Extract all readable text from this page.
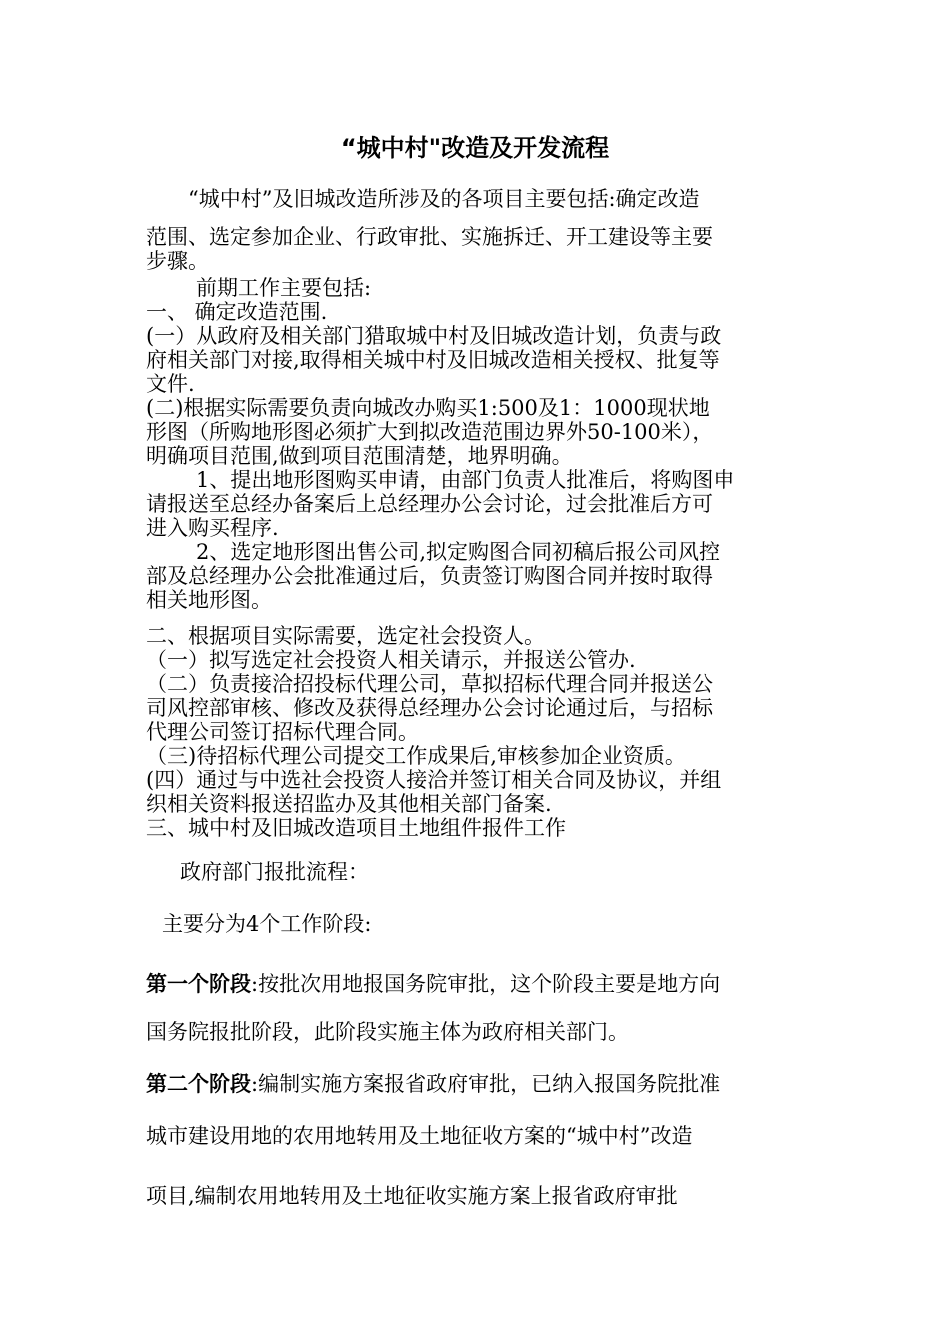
“城中村"改造及开发流程
“城中村”及旧城改造所涉及的各项目主要包括:确定改造
范围、选定参加企业、行政审批、实施拆迁、开工建设等主要
步骤。
前期工作主要包括:
一、 确定改造范围.
(一）从政府及相关部门猎取城中村及旧城改造计划，负责与政
府相关部门对接,取得相关城中村及旧城改造相关授权、批复等
文件.
(二)根据实际需要负责向城改办购买1:500及1：1000现状地
形图（所购地形图必须扩大到拟改造范围边界外50-100米），
明确项目范围,做到项目范围清楚，地界明确。
1、提出地形图购买申请，由部门负责人批准后，将购图申
请报送至总经办备案后上总经理办公会讨论，过会批准后方可
进入购买程序.
2、选定地形图出售公司,拟定购图合同初稿后报公司风控
部及总经理办公会批准通过后，负责签订购图合同并按时取得
相关地形图。
二、根据项目实际需要，选定社会投资人。
（一）拟写选定社会投资人相关请示，并报送公管办.
（二）负责接洽招投标代理公司，草拟招标代理合同并报送公
司风控部审核、修改及获得总经理办公会讨论通过后，与招标
代理公司签订招标代理合同。
（三)待招标代理公司提交工作成果后,审核参加企业资质。
(四）通过与中选社会投资人接洽并签订相关合同及协议，并组
织相关资料报送招监办及其他相关部门备案.
三、城中村及旧城改造项目土地组件报件工作
政府部门报批流程：
主要分为4个工作阶段:
第一个阶段:按批次用地报国务院审批，这个阶段主要是地方向
国务院报批阶段，此阶段实施主体为政府相关部门。
第二个阶段:编制实施方案报省政府审批，已纳入报国务院批准
城市建设用地的农用地转用及土地征收方案的“城中村”改造
项目,编制农用地转用及土地征收实施方案上报省政府审批
